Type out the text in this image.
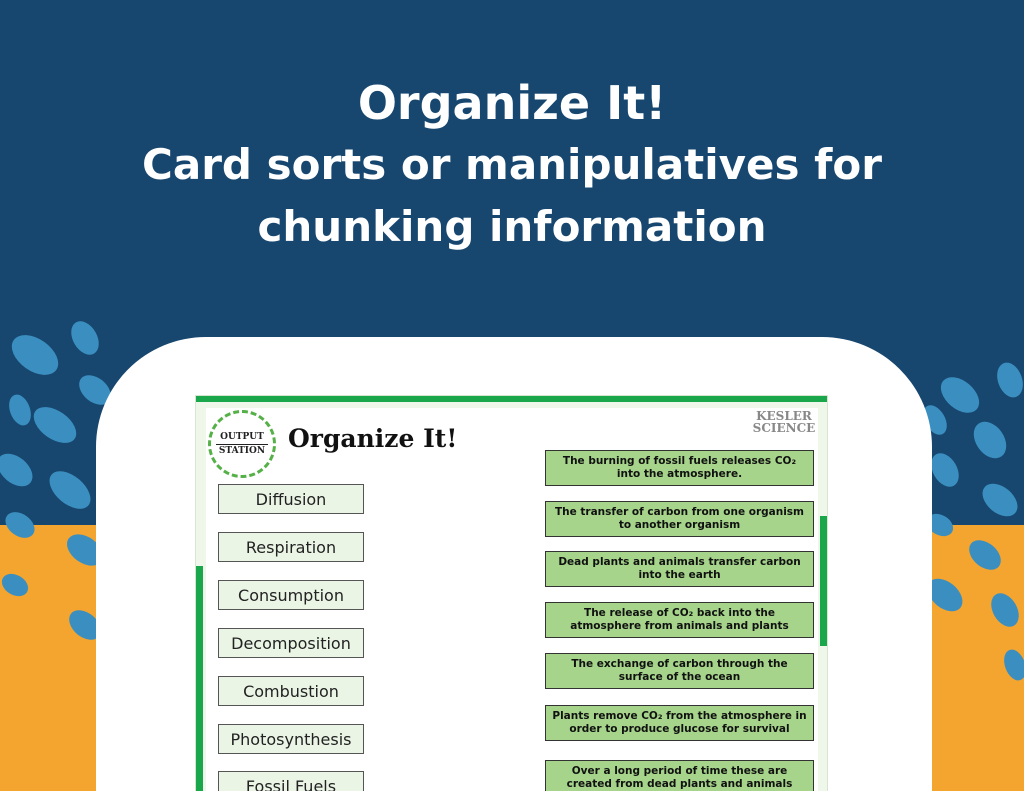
Organize It!
Card sorts or manipulatives for
chunking information
OUTPUT
STATION Organize It!
KESLER
SCIENCE
Diffusion
Respiration
Consumption
Decomposition
Combustion
Photosynthesis
Fossil Fuels
The burning of fossil fuels releases CO₂ into the atmosphere.
The transfer of carbon from one organism to another organism
Dead plants and animals transfer carbon into the earth
The release of CO₂ back into the atmosphere from animals and plants
The exchange of carbon through the surface of the ocean
Plants remove CO₂ from the atmosphere in order to produce glucose for survival
Over a long period of time these are created from dead plants and animals
